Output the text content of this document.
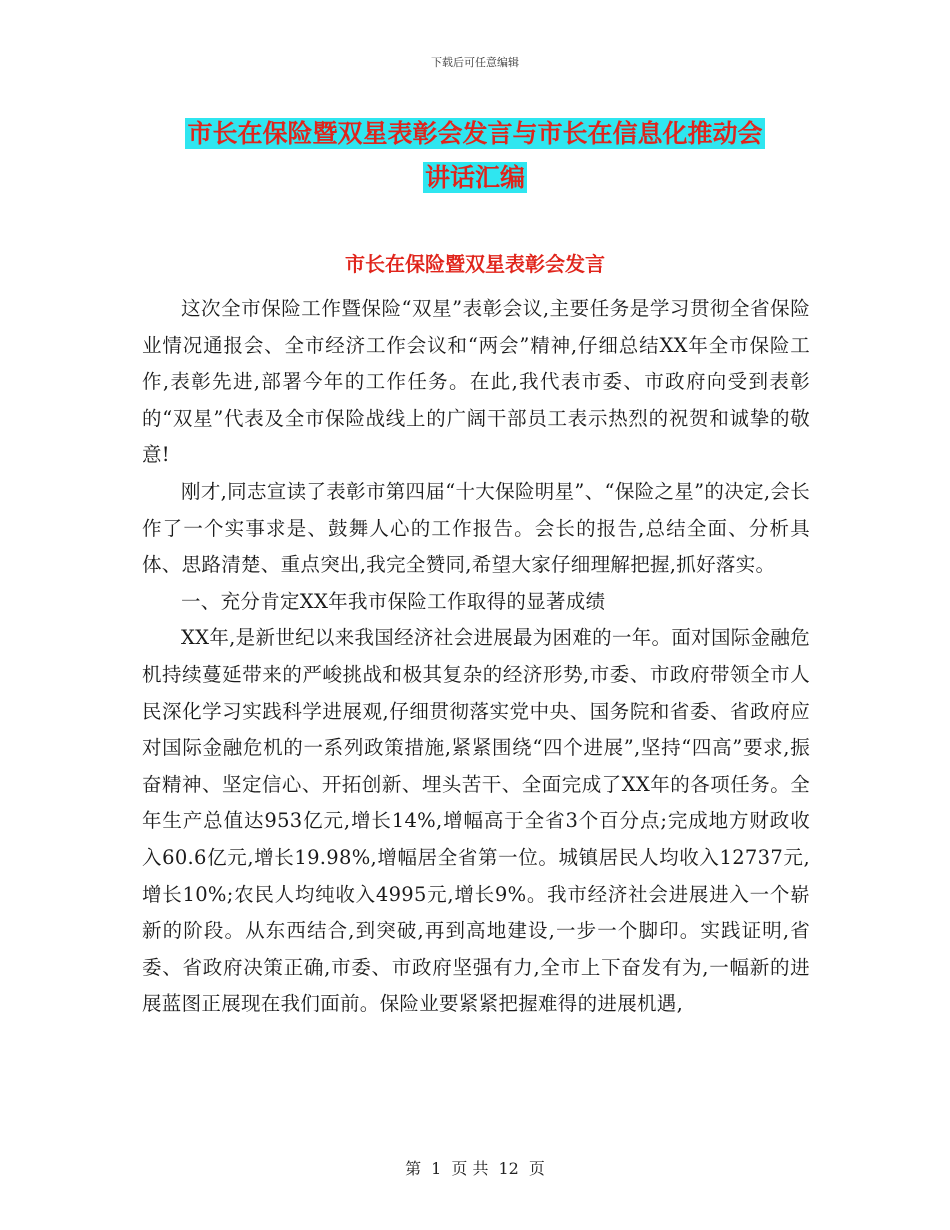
下载后可任意编辑
市长在保险暨双星表彰会发言与市长在信息化推动会
讲话汇编
市长在保险暨双星表彰会发言

这次全市保险工作暨保险“双星”表彰会议,主要任务是学习贯彻全省保险业情况通报会、全市经济工作会议和“两会”精神,仔细总结XX年全市保险工作,表彰先进,部署今年的工作任务。在此,我代表市委、市政府向受到表彰的“双星”代表及全市保险战线上的广阔干部员工表示热烈的祝贺和诚挚的敬意!

刚才,同志宣读了表彰市第四届“十大保险明星”、“保险之星”的决定,会长作了一个实事求是、鼓舞人心的工作报告。会长的报告,总结全面、分析具体、思路清楚、重点突出,我完全赞同,希望大家仔细理解把握,抓好落实。

一、充分肯定XX年我市保险工作取得的显著成绩

XX年,是新世纪以来我国经济社会进展最为困难的一年。面对国际金融危机持续蔓延带来的严峻挑战和极其复杂的经济形势,市委、市政府带领全市人民深化学习实践科学进展观,仔细贯彻落实党中央、国务院和省委、省政府应对国际金融危机的一系列政策措施,紧紧围绕“四个进展”,坚持“四高”要求,振奋精神、坚定信心、开拓创新、埋头苦干、全面完成了XX年的各项任务。全年生产总值达953亿元,增长14%,增幅高于全省3个百分点;完成地方财政收入60.6亿元,增长19.98%,增幅居全省第一位。城镇居民人均收入12737元,增长10%;农民人均纯收入4995元,增长9%。我市经济社会进展进入一个崭新的阶段。从东西结合,到突破,再到高地建设,一步一个脚印。实践证明,省委、省政府决策正确,市委、市政府坚强有力,全市上下奋发有为,一幅新的进展蓝图正展现在我们面前。保险业要紧紧把握难得的进展机遇,

第 1 页 共 12 页
